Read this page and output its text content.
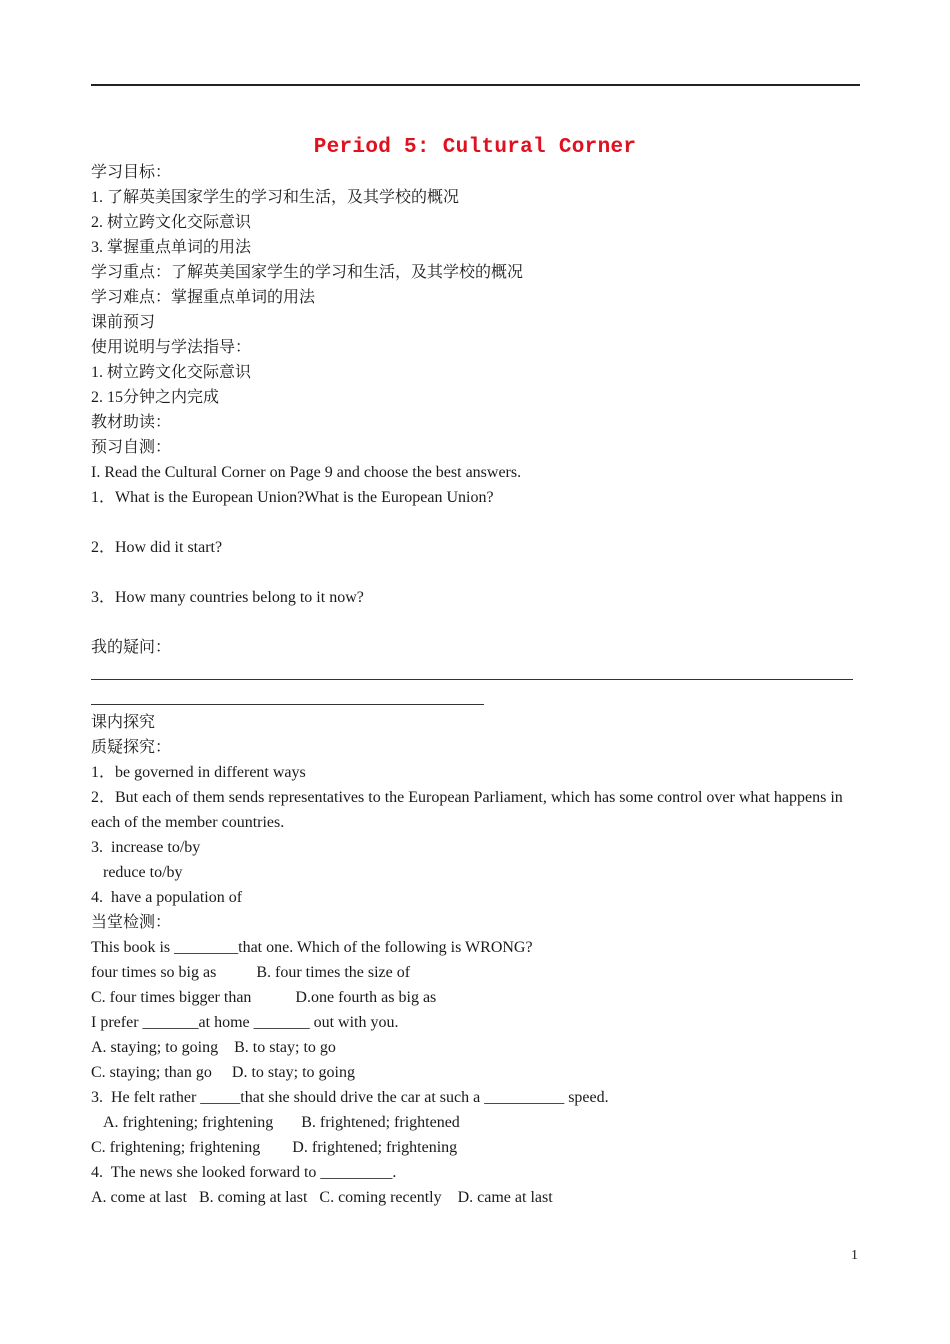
Period 5: Cultural Corner
学习目标：
1. 了解英美国家学生的学习和生活，及其学校的概况
2. 树立跨文化交际意识
3. 掌握重点单词的用法
学习重点：了解英美国家学生的学习和生活，及其学校的概况
学习难点：掌握重点单词的用法
课前预习
使用说明与学法指导：
1. 树立跨文化交际意识
2. 15分钟之内完成
教材助读：
预习自测：
I. Read the Cultural Corner on Page 9 and choose the best answers.
1．What is the European Union?What is the European Union?
2．How did it start?
3．How many countries belong to it now?
我的疑问：
课内探究
质疑探究：
1．be governed in different ways
2．But each of them sends representatives to the European Parliament, which has some control over what happens in each of the member countries.
3.  increase to/by
reduce to/by
4.  have a population of
当堂检测：
This book is ________that one. Which of the following is WRONG?
four times so big as          B. four times the size of
C. four times bigger than           D.one fourth as big as
I prefer _______at home _______ out with you.
A. staying; to going    B. to stay; to go
C. staying; than go     D. to stay; to going
3.  He felt rather _____that she should drive the car at such a __________ speed.
A. frightening; frightening       B. frightened; frightened
C. frightening; frightening        D. frightened; frightening
4.  The news she looked forward to _________.
A. come at last   B. coming at last   C. coming recently    D. came at last
1
